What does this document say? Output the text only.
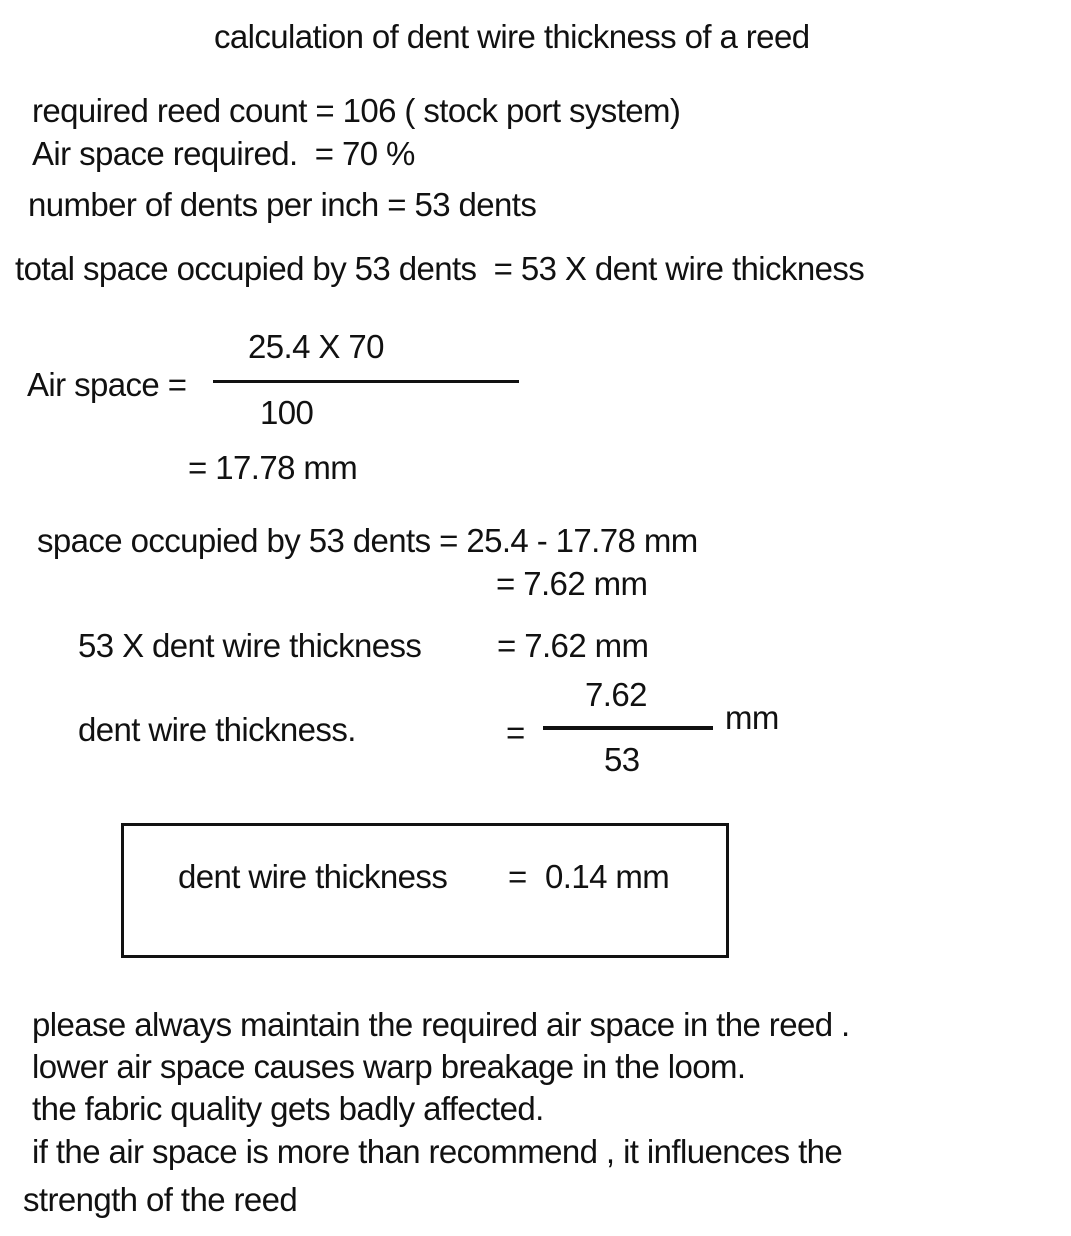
calculation of dent wire thickness of a reed
required reed count = 106 ( stock port system)
Air space required.  = 70 %
number of dents per inch = 53 dents
total space occupied by 53 dents  = 53 X dent wire thickness
Air space =
25.4 X 70
100
= 17.78 mm
space occupied by 53 dents = 25.4 - 17.78 mm
= 7.62 mm
53 X dent wire thickness = 7.62 mm
dent wire thickness.	=
7.62
53
mm
dent wire thickness = 0.14 mm
please always maintain the required air space in the reed .
lower air space causes warp breakage in the loom.
the fabric quality gets badly affected.
if the air space is more than recommend , it influences the
strength of the reed
